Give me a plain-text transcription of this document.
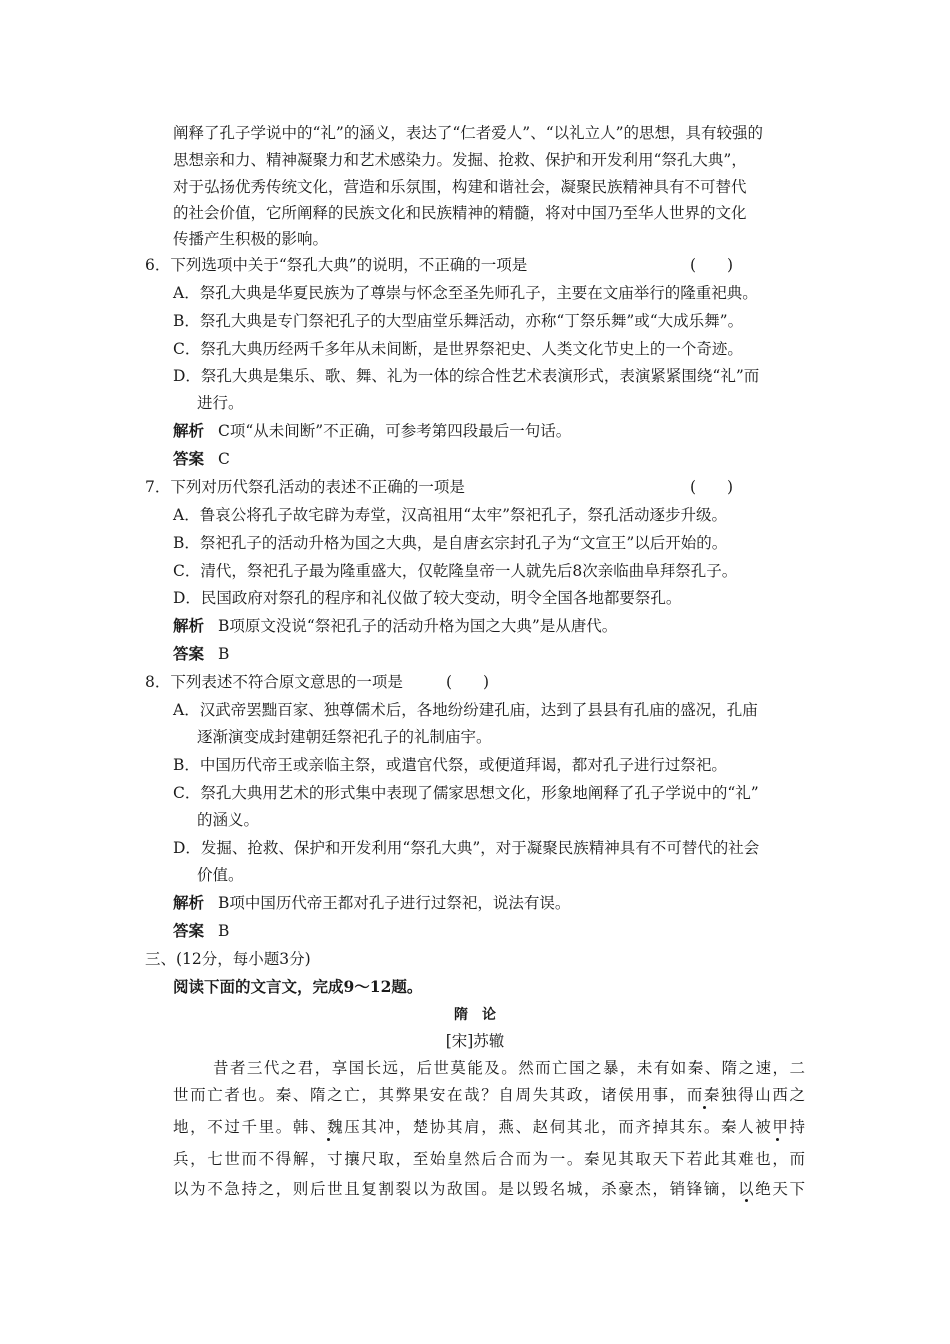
阐释了孔子学说中的“礼”的涵义，表达了“仁者爱人”、“以礼立人”的思想，具有较强的
思想亲和力、精神凝聚力和艺术感染力。发掘、抢救、保护和开发利用“祭孔大典”，
对于弘扬优秀传统文化，营造和乐氛围，构建和谐社会，凝聚民族精神具有不可替代
的社会价值，它所阐释的民族文化和民族精神的精髓，将对中国乃至华人世界的文化
传播产生积极的影响。
6．下列选项中关于“祭孔大典”的说明，不正确的一项是	(　　)
A．祭孔大典是华夏民族为了尊崇与怀念至圣先师孔子，主要在文庙举行的隆重祀典。
B．祭孔大典是专门祭祀孔子的大型庙堂乐舞活动，亦称“丁祭乐舞”或“大成乐舞”。
C．祭孔大典历经两千多年从未间断，是世界祭祀史、人类文化节史上的一个奇迹。
D．祭孔大典是集乐、歌、舞、礼为一体的综合性艺术表演形式，表演紧紧围绕“礼”而
进行。
解析 C项“从未间断”不正确，可参考第四段最后一句话。
答案 C
7．下列对历代祭孔活动的表述不正确的一项是	(　　)
A．鲁哀公将孔子故宅辟为寿堂，汉高祖用“太牢”祭祀孔子，祭孔活动逐步升级。
B．祭祀孔子的活动升格为国之大典，是自唐玄宗封孔子为“文宣王”以后开始的。
C．清代，祭祀孔子最为隆重盛大，仅乾隆皇帝一人就先后8次亲临曲阜拜祭孔子。
D．民国政府对祭孔的程序和礼仪做了较大变动，明令全国各地都要祭孔。
解析 B项原文没说“祭祀孔子的活动升格为国之大典”是从唐代。
答案 B
8．下列表述不符合原文意思的一项是	(　　)
A．汉武帝罢黜百家、独尊儒术后，各地纷纷建孔庙，达到了县县有孔庙的盛况，孔庙
逐渐演变成封建朝廷祭祀孔子的礼制庙宇。
B．中国历代帝王或亲临主祭，或遣官代祭，或便道拜谒，都对孔子进行过祭祀。
C．祭孔大典用艺术的形式集中表现了儒家思想文化，形象地阐释了孔子学说中的“礼”
的涵义。
D．发掘、抢救、保护和开发利用“祭孔大典”，对于凝聚民族精神具有不可替代的社会
价值。
解析 B项中国历代帝王都对孔子进行过祭祀，说法有误。
答案 B
三、(12分，每小题3分)
阅读下面的文言文，完成9～12题。
隋　论
[宋]苏辙
昔者三代之君，享国长远，后世莫能及。然而亡国之暴，未有如秦、隋之速，二
世而亡者也。秦、隋之亡，其弊果安在哉？自周失其政，诸侯用事，而秦独得山西之
地，不过千里。韩、魏压其冲，楚协其肩，燕、赵伺其北，而齐掉其东。秦人被甲持
兵，七世而不得解，寸攘尺取，至始皇然后合而为一。秦见其取天下若此其难也，而
以为不急持之，则后世且复割裂以为敌国。是以毁名城，杀豪杰，销锋镝，以绝天下
